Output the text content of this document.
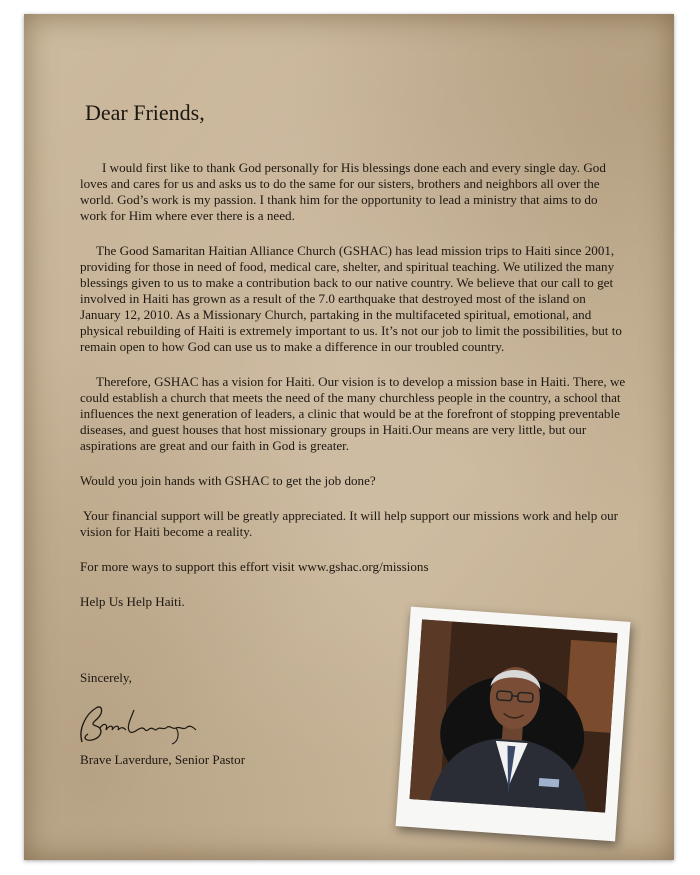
Dear Friends,

I would first like to thank God personally for His blessings done each and every single day. God loves and cares for us and asks us to do the same for our sisters, brothers and neighbors all over the world. God’s work is my passion. I thank him for the opportunity to lead a ministry that aims to do work for Him where ever there is a need.

The Good Samaritan Haitian Alliance Church (GSHAC) has lead mission trips to Haiti since 2001, providing for those in need of food, medical care, shelter, and spiritual teaching. We utilized the many blessings given to us to make a contribution back to our native country. We believe that our call to get involved in Haiti has grown as a result of the 7.0 earthquake that destroyed most of the island on January 12, 2010. As a Missionary Church, partaking in the multifaceted spiritual, emotional, and physical rebuilding of Haiti is extremely important to us. It’s not our job to limit the possibilities, but to remain open to how God can use us to make a difference in our troubled country.

Therefore, GSHAC has a vision for Haiti. Our vision is to develop a mission base in Haiti. There, we could establish a church that meets the need of the many churchless people in the country, a school that influences the next generation of leaders, a clinic that would be at the forefront of stopping preventable diseases, and guest houses that host missionary groups in Haiti.Our means are very little, but our aspirations are great and our faith in God is greater.

Would you join hands with GSHAC to get the job done?

Your financial support will be greatly appreciated. It will help support our missions work and help our vision for Haiti become a reality.

For more ways to support this effort visit www.gshac.org/missions

Help Us Help Haiti.

Sincerely,

Brave Laverdure, Senior Pastor
